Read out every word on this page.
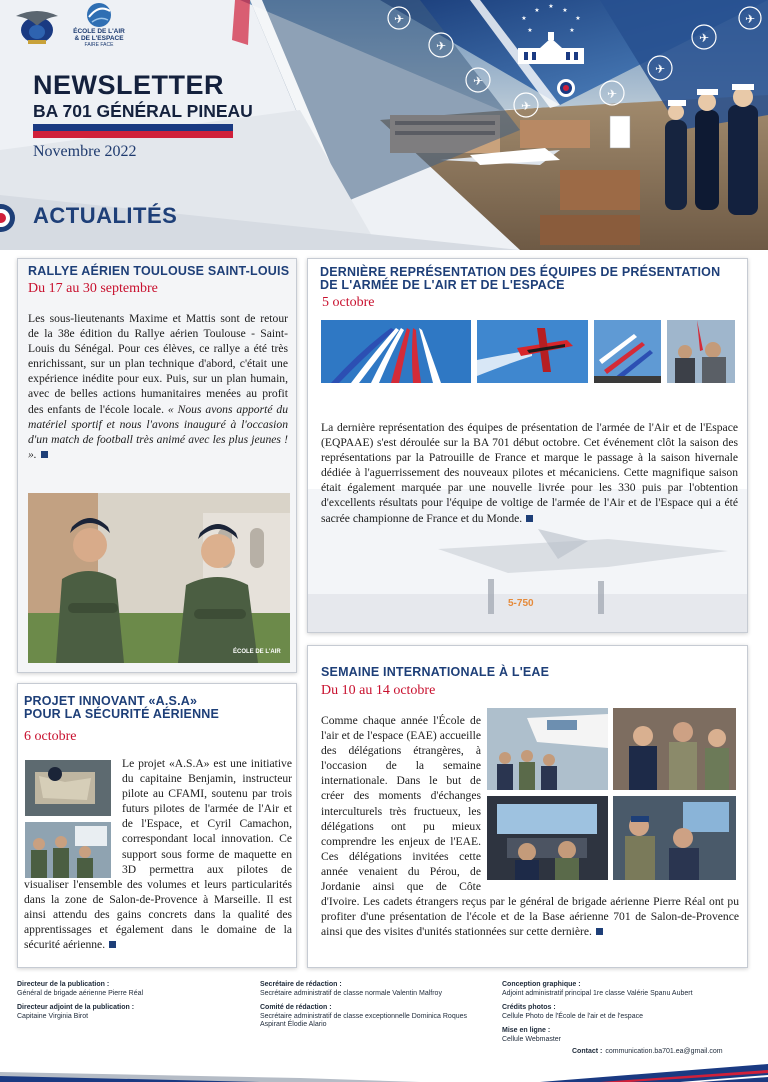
✈
✈
✈
✈
✈
✈
✈
✈
★
★
★
★
★
★	★
ÉCOLE DE L'AIR
& DE L'ESPACE
FAIRE FACE
NEWSLETTER
BA 701 GÉNÉRAL PINEAU
Novembre 2022
ACTUALITÉS
RALLYE AÉRIEN TOULOUSE SAINT-LOUIS
Du 17 au 30 septembre
Les sous-lieutenants Maxime et Mattis sont de retour de la 38e édition du Rallye aérien Toulouse - Saint-Louis du Sénégal. Pour ces élèves, ce rallye a été très enrichissant, sur un plan technique d'abord, c'était une expérience inédite pour eux. Puis, sur un plan humain, avec de belles actions humanitaires menées au profit des enfants de l'école locale. « Nous avons apporté du matériel sportif et nous l'avons inauguré à l'occasion d'un match de football très animé avec les plus jeunes ! ».
ÉCOLE DE L'AIR
5-750
DERNIÈRE REPRÉSENTATION DES ÉQUIPES DE PRÉSENTATION DE L'ARMÉE DE L'AIR ET DE L'ESPACE
5 octobre
La dernière représentation des équipes de présentation de l'armée de l'Air et de l'Espace (EQPAAE) s'est déroulée sur la BA 701 début octobre. Cet événement clôt la saison des représentations par la Patrouille de France et marque le passage à la saison hivernale dédiée à l'aguerrissement des nouveaux pilotes et mécaniciens. Cette magnifique saison était également marquée par une nouvelle livrée pour les 330 puis par l'obtention d'excellents résultats pour l'équipe de voltige de l'armée de l'Air et de l'Espace qui a été sacrée championne de France et du Monde.
PROJET INNOVANT «A.S.A»
POUR LA SÉCURITÉ AÉRIENNE
6 octobre
Le projet «A.S.A» est une initiative du capitaine Benjamin, instructeur pilote au CFAMI, soutenu par trois futurs pilotes de l'armée de l'Air et de l'Espace, et Cyril Camachon, correspondant local innovation. Ce support sous forme de maquette en 3D permettra aux pilotes de visualiser l'ensemble des volumes et leurs particularités dans la zone de Salon-de-Provence à Marseille. Il est ainsi attendu des gains concrets dans la qualité des apprentissages et également dans le domaine de la sécurité aérienne.
SEMAINE INTERNATIONALE À L'EAE
Du 10 au 14 octobre
Comme chaque année l'École de l'air et de l'espace (EAE) accueille des délégations étrangères, à l'occasion de la semaine internationale. Dans le but de créer des moments d'échanges interculturels très fructueux, les délégations ont pu mieux comprendre les enjeux de l'EAE. Ces délégations invitées cette année venaient du Pérou, de Jordanie ainsi que de Côte d'Ivoire. Les cadets étrangers reçus par le général de brigade aérienne Pierre Réal ont pu profiter d'une présentation de l'école et de la Base aérienne 701 de Salon-de-Provence ainsi que des visites d'unités stationnées sur cette dernière.
Directeur de la publication :
Général de brigade aérienne Pierre Réal
Directeur adjoint de la publication :
Capitaine Virginia Birot
Secrétaire de rédaction :
Secrétaire administratif de classe normale Valentin Malfroy
Comité de rédaction :
Secrétaire administratif de classe exceptionnelle Dominica Roques
Aspirant Élodie Alario
Conception graphique :
Adjoint administratif principal 1re classe Valérie Spanu Aubert
Crédits photos :
Cellule Photo de l'École de l'air et de l'espace
Mise en ligne :
Cellule Webmaster
Contact : communication.ba701.ea@gmail.com
